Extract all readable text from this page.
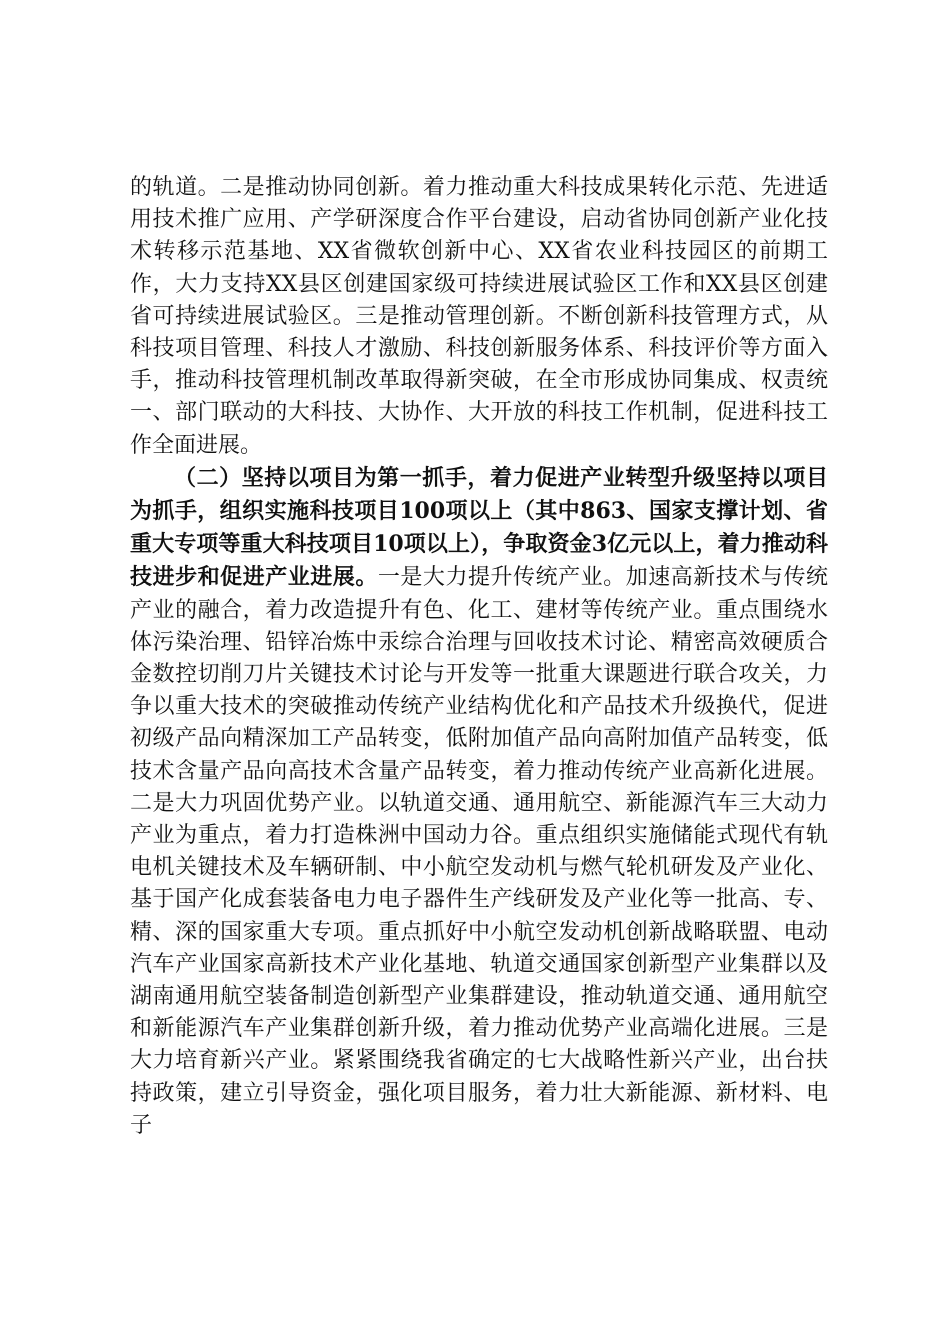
的轨道。二是推动协同创新。着力推动重大科技成果转化示范、先进适用技术推广应用、产学研深度合作平台建设，启动省协同创新产业化技术转移示范基地、XX省微软创新中心、XX省农业科技园区的前期工作，大力支持XX县区创建国家级可持续进展试验区工作和XX县区创建省可持续进展试验区。三是推动管理创新。不断创新科技管理方式，从科技项目管理、科技人才激励、科技创新服务体系、科技评价等方面入手，推动科技管理机制改革取得新突破，在全市形成协同集成、权责统一、部门联动的大科技、大协作、大开放的科技工作机制，促进科技工作全面进展。

（二）坚持以项目为第一抓手，着力促进产业转型升级坚持以项目为抓手，组织实施科技项目100项以上（其中863、国家支撑计划、省重大专项等重大科技项目10项以上），争取资金3亿元以上，着力推动科技进步和促进产业进展。一是大力提升传统产业。加速高新技术与传统产业的融合，着力改造提升有色、化工、建材等传统产业。重点围绕水体污染治理、铅锌冶炼中汞综合治理与回收技术讨论、精密高效硬质合金数控切削刀片关键技术讨论与开发等一批重大课题进行联合攻关，力争以重大技术的突破推动传统产业结构优化和产品技术升级换代，促进初级产品向精深加工产品转变，低附加值产品向高附加值产品转变，低技术含量产品向高技术含量产品转变，着力推动传统产业高新化进展。二是大力巩固优势产业。以轨道交通、通用航空、新能源汽车三大动力产业为重点，着力打造株洲中国动力谷。重点组织实施储能式现代有轨电机关键技术及车辆研制、中小航空发动机与燃气轮机研发及产业化、基于国产化成套装备电力电子器件生产线研发及产业化等一批高、专、精、深的国家重大专项。重点抓好中小航空发动机创新战略联盟、电动汽车产业国家高新技术产业化基地、轨道交通国家创新型产业集群以及湖南通用航空装备制造创新型产业集群建设，推动轨道交通、通用航空和新能源汽车产业集群创新升级，着力推动优势产业高端化进展。三是大力培育新兴产业。紧紧围绕我省确定的七大战略性新兴产业，出台扶持政策，建立引导资金，强化项目服务，着力壮大新能源、新材料、电子
